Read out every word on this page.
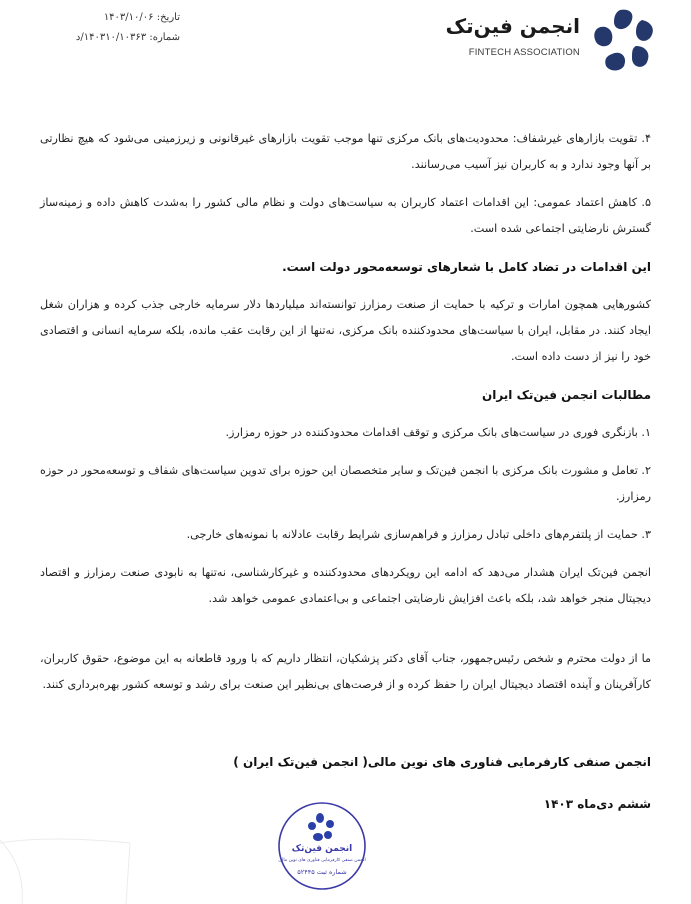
تاریخ: ۱۴۰۳/۱۰/۰۶
شماره: ۱۴۰۳۱۰/۱۰۳۶۳/د	انجمن فین‌تک
FINTECH ASSOCIATION

۴. تقویت بازارهای غیرشفاف: محدودیت‌های بانک مرکزی تنها موجب تقویت بازارهای غیرقانونی و زیرزمینی می‌شود که هیچ نظارتی بر آنها وجود ندارد و به کاربران نیز آسیب می‌رسانند.

۵. کاهش اعتماد عمومی: این اقدامات اعتماد کاربران به سیاست‌های دولت و نظام مالی کشور را به‌شدت کاهش داده و زمینه‌ساز گسترش نارضایتی اجتماعی شده است.

این اقدامات در تضاد کامل با شعارهای توسعه‌محور دولت است.

کشورهایی همچون امارات و ترکیه با حمایت از صنعت رمزارز توانسته‌اند میلیاردها دلار سرمایه خارجی جذب کرده و هزاران شغل ایجاد کنند. در مقابل، ایران با سیاست‌های محدودکننده بانک مرکزی، نه‌تنها از این رقابت عقب مانده، بلکه سرمایه انسانی و اقتصادی خود را نیز از دست داده است.

مطالبات انجمن فین‌تک ایران

۱. بازنگری فوری در سیاست‌های بانک مرکزی و توقف اقدامات محدودکننده در حوزه رمزارز.

۲. تعامل و مشورت بانک مرکزی با انجمن فین‌تک و سایر متخصصان این حوزه برای تدوین سیاست‌های شفاف و توسعه‌محور در حوزه رمزارز.

۳. حمایت از پلتفرم‌های داخلی تبادل رمزارز و فراهم‌سازی شرایط رقابت عادلانه با نمونه‌های خارجی.

انجمن فین‌تک ایران هشدار می‌دهد که ادامه این رویکردهای محدودکننده و غیرکارشناسی، نه‌تنها به نابودی صنعت رمزارز و اقتصاد دیجیتال منجر خواهد شد، بلکه باعث افزایش نارضایتی اجتماعی و بی‌اعتمادی عمومی خواهد شد.

ما از دولت محترم و شخص رئیس‌جمهور، جناب آقای دکتر پزشکیان، انتظار داریم که با ورود قاطعانه به این موضوع، حقوق کاربران، کارآفرینان و آینده اقتصاد دیجیتال ایران را حفظ کرده و از فرصت‌های بی‌نظیر این صنعت برای رشد و توسعه کشور بهره‌برداری کنند.

انجمن صنفی کارفرمایی فناوری های نوین مالی( انجمن فین‌تک ایران )
ششم دی‌ماه ۱۴۰۳
انجمن فین‌تک
انجمن صنفی کارفرمایی فناوری های نوین مالی
شماره ثبت ۵۲۴۴۵
